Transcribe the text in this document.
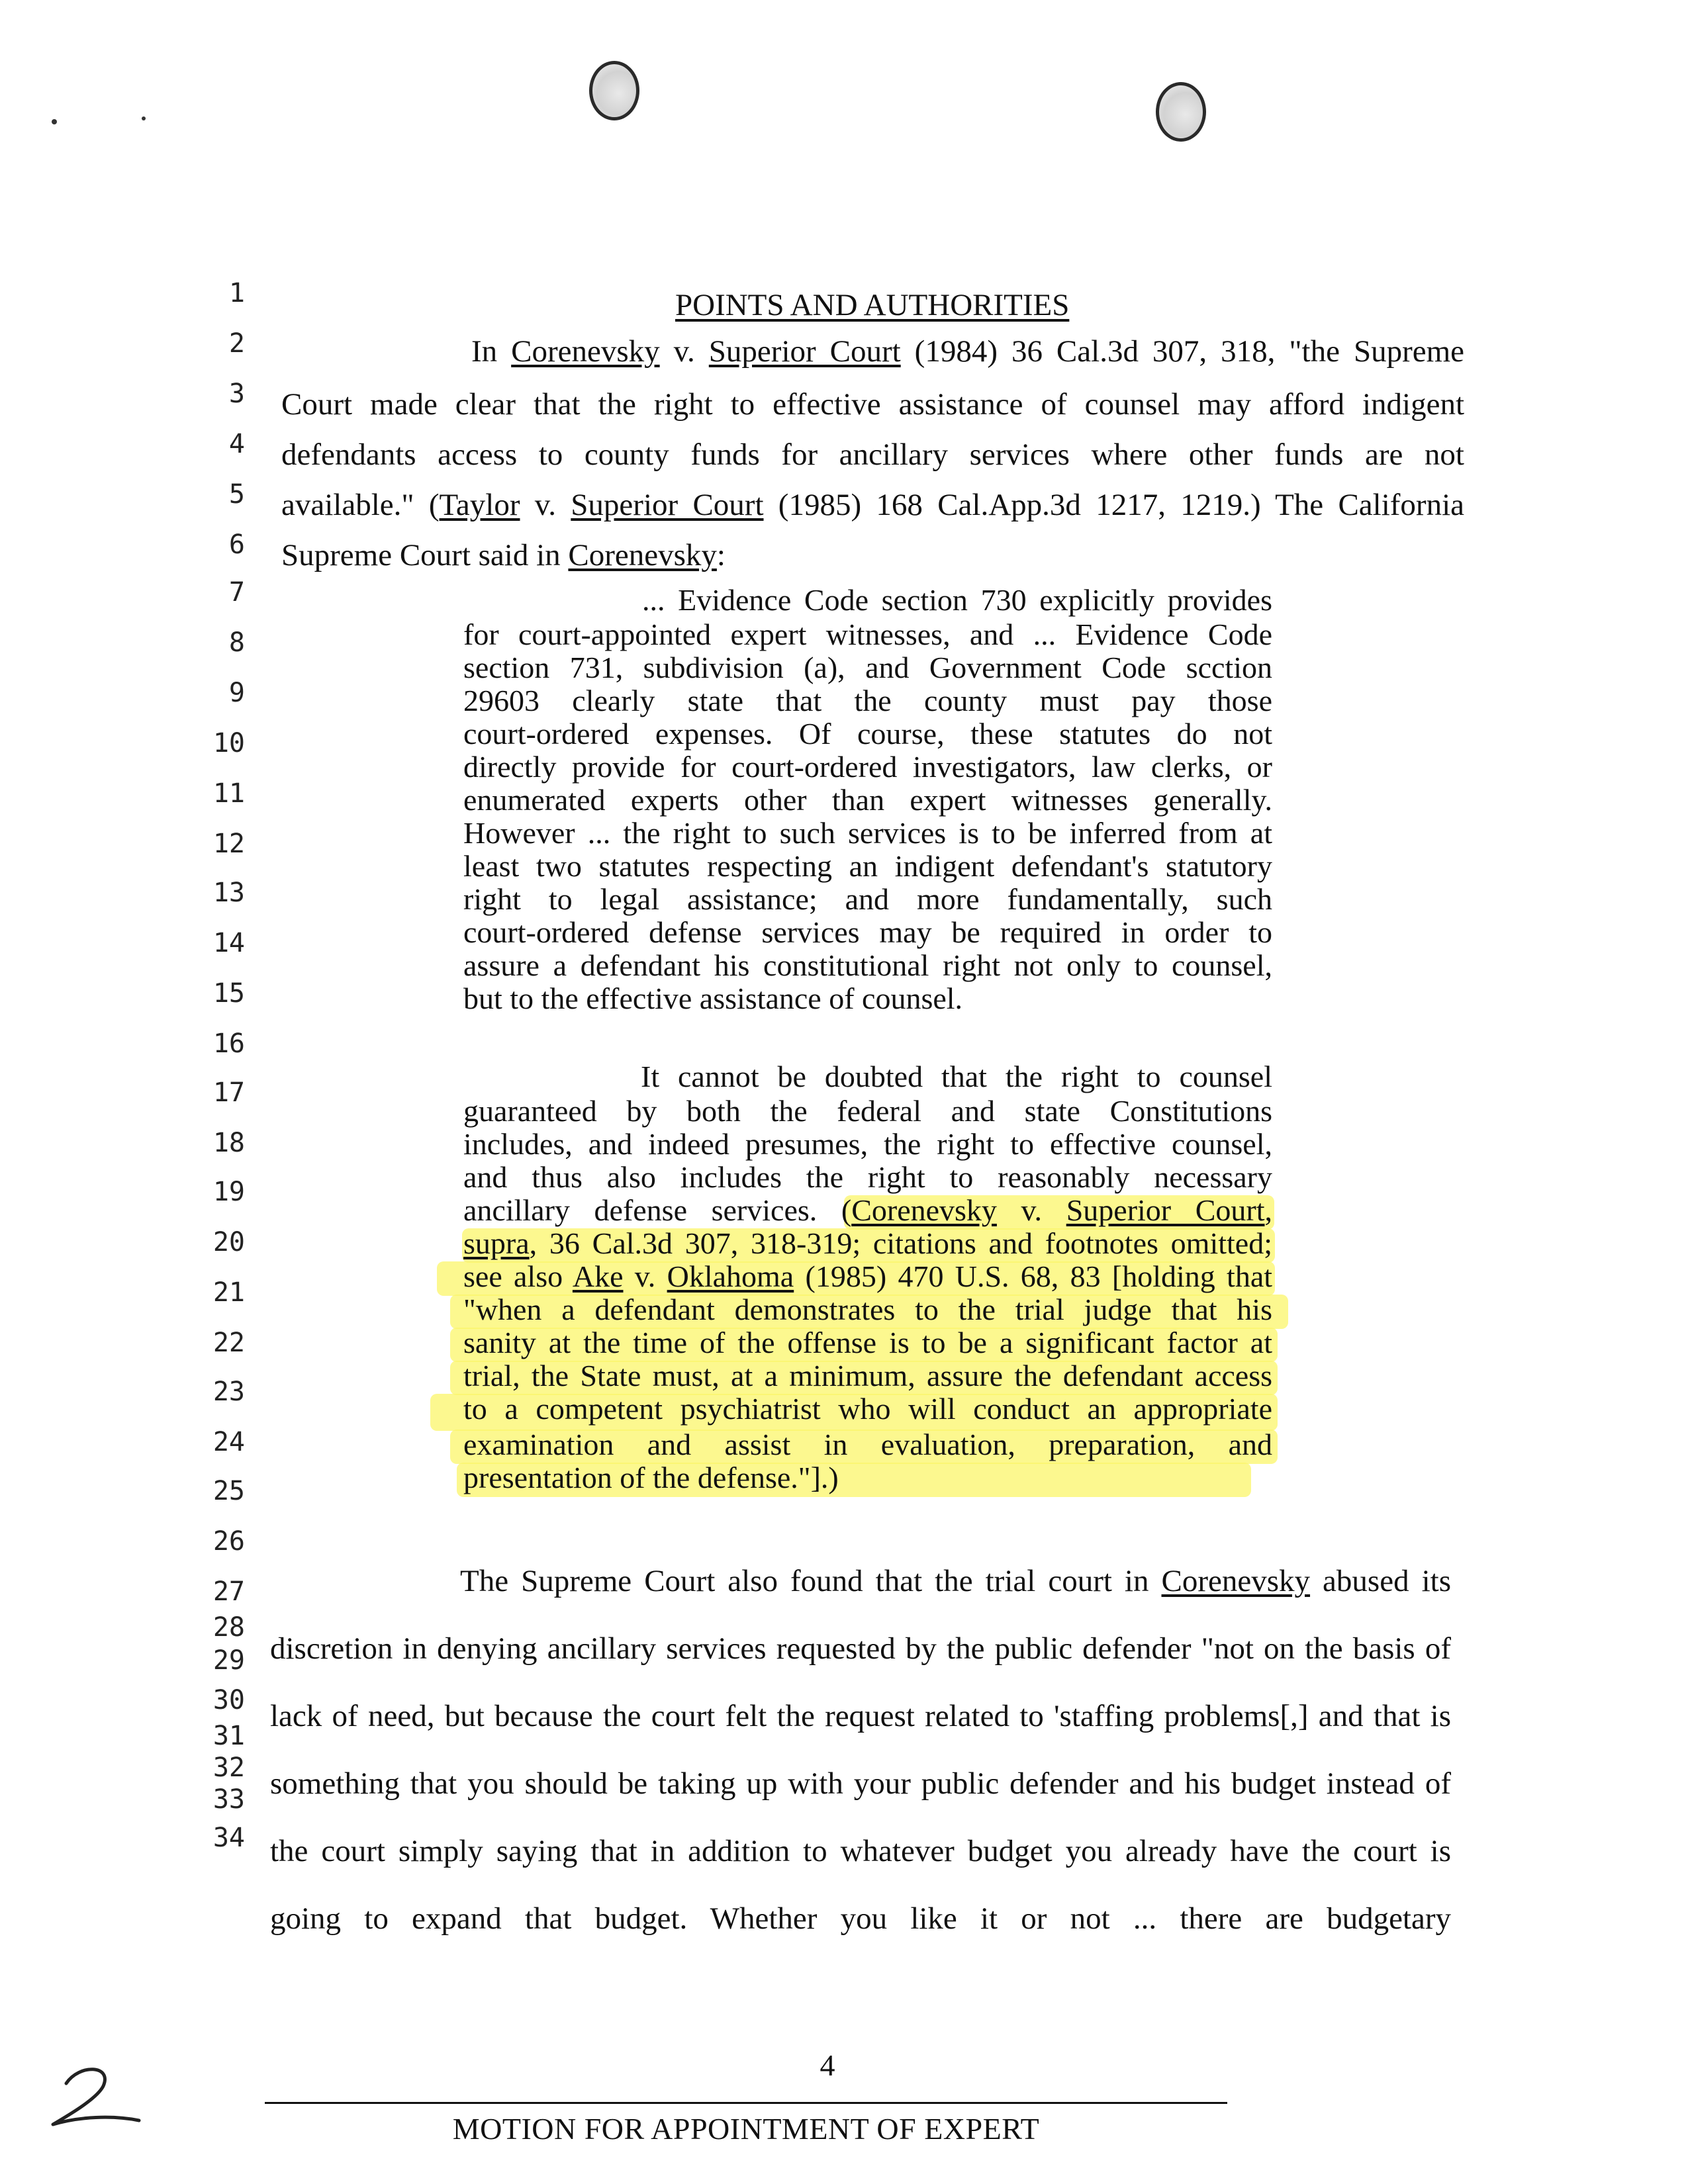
1
2
3
4
5
6
7
8
9
10
11
12
13
14
15
16
17
18
19
20
21
22
23
24
25
26
27
28
29
30
31
32
33
34
POINTS AND AUTHORITIES
In Corenevsky v. Superior Court (1984) 36 Cal.3d 307, 318, "the Supreme
Court made clear that the right to effective assistance of counsel may afford indigent
defendants access to county funds for ancillary services where other funds are not
available." (Taylor v. Superior Court (1985) 168 Cal.App.3d 1217, 1219.) The California
Supreme Court said in Corenevsky:
... Evidence Code section 730 explicitly provides
for court-appointed expert witnesses, and ... Evidence Code
section 731, subdivision (a), and Government Code scction
29603 clearly state that the county must pay those
court-ordered expenses. Of course, these statutes do not
directly provide for court-ordered investigators, law clerks, or
enumerated experts other than expert witnesses generally.
However ... the right to such services is to be inferred from at
least two statutes respecting an indigent defendant's statutory
right to legal assistance; and more fundamentally, such
court-ordered defense services may be required in order to
assure a defendant his constitutional right not only to counsel,
but to the effective assistance of counsel.
It cannot be doubted that the right to counsel
guaranteed by both the federal and state Constitutions
includes, and indeed presumes, the right to effective counsel,
and thus also includes the right to reasonably necessary
ancillary defense services. (Corenevsky v. Superior Court,
supra, 36 Cal.3d 307, 318-319; citations and footnotes omitted;
see also Ake v. Oklahoma (1985) 470 U.S. 68, 83 [holding that
"when a defendant demonstrates to the trial judge that his
sanity at the time of the offense is to be a significant factor at
trial, the State must, at a minimum, assure the defendant access
to a competent psychiatrist who will conduct an appropriate
examination and assist in evaluation, preparation, and
presentation of the defense."].)
The Supreme Court also found that the trial court in Corenevsky abused its
discretion in denying ancillary services requested by the public defender "not on the basis of
lack of need, but because the court felt the request related to 'staffing problems[,] and that is
something that you should be taking up with your public defender and his budget instead of
the court simply saying that in addition to whatever budget you already have the court is
going to expand that budget. Whether you like it or not ... there are budgetary
4
MOTION FOR APPOINTMENT OF EXPERT
